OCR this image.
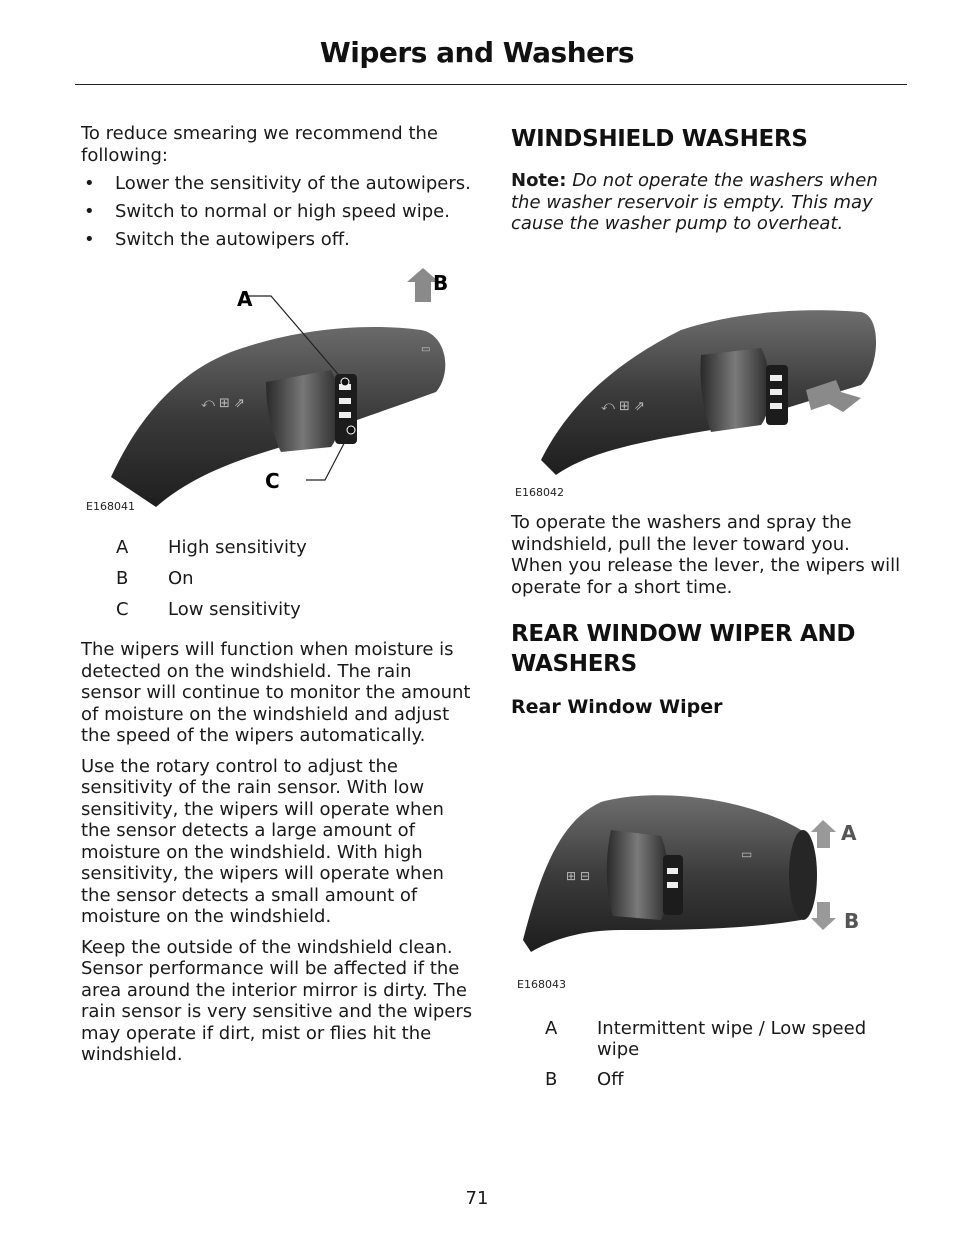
Wipers and Washers

To reduce smearing we recommend the following:

• Lower the sensitivity of the autowipers.
• Switch to normal or high speed wipe.
• Switch the autowipers off.
▭
⤺ ⊞ ⇗
A
B
C
E168041
A High sensitivity
B On
C Low sensitivity

The wipers will function when moisture is detected on the windshield. The rain sensor will continue to monitor the amount of moisture on the windshield and adjust the speed of the wipers automatically.

Use the rotary control to adjust the sensitivity of the rain sensor. With low sensitivity, the wipers will operate when the sensor detects a large amount of moisture on the windshield. With high sensitivity, the wipers will operate when the sensor detects a small amount of moisture on the windshield.

Keep the outside of the windshield clean. Sensor performance will be affected if the area around the interior mirror is dirty. The rain sensor is very sensitive and the wipers may operate if dirt, mist or flies hit the windshield.

WINDSHIELD WASHERS

Note: Do not operate the washers when the washer reservoir is empty. This may cause the washer pump to overheat.

⤺ ⊞ ⇗
E168042

To operate the washers and spray the windshield, pull the lever toward you. When you release the lever, the wipers will operate for a short time.

REAR WINDOW WIPER AND WASHERS
Rear Window Wiper
▭
⊞ ⊟
A
B
E168043
A Intermittent wipe / Low speed wipe
B Off
71
